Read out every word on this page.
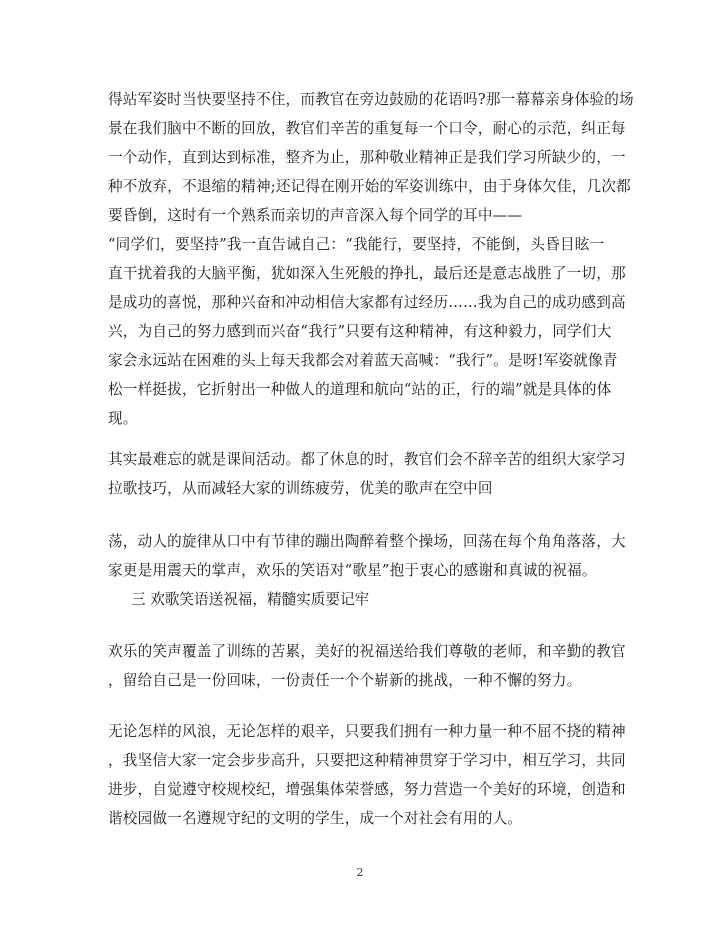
得站军姿时当快要坚持不住，而教官在旁边鼓励的花语吗?那一幕幕亲身体验的场
景在我们脑中不断的回放，教官们辛苦的重复每一个口令，耐心的示范，纠正每
一个动作，直到达到标准，整齐为止，那种敬业精神正是我们学习所缺少的，一
种不放弃，不退缩的精神;还记得在刚开始的军姿训练中，由于身体欠佳，几次都
要昏倒，这时有一个熟系而亲切的声音深入每个同学的耳中——
“同学们，要坚持”我一直告诫自己：“我能行，要坚持，不能倒，头昏目眩一
直干扰着我的大脑平衡，犹如深入生死般的挣扎，最后还是意志战胜了一切，那
是成功的喜悦，那种兴奋和冲动相信大家都有过经历……我为自己的成功感到高
兴，为自己的努力感到而兴奋“我行”只要有这种精神，有这种毅力，同学们大
家会永远站在困难的头上每天我都会对着蓝天高喊：“我行”。是呀!军姿就像青
松一样挺拔，它折射出一种做人的道理和航向“站的正，行的端”就是具体的体
现。
其实最难忘的就是课间活动。都了休息的时，教官们会不辞辛苦的组织大家学习
拉歌技巧，从而减轻大家的训练疲劳，优美的歌声在空中回
荡，动人的旋律从口中有节律的蹦出陶醉着整个操场，回荡在每个角角落落，大
家更是用震天的掌声，欢乐的笑语对“歌星”抱于衷心的感谢和真诚的祝福。
三 欢歌笑语送祝福，精髓实质要记牢
欢乐的笑声覆盖了训练的苦累，美好的祝福送给我们尊敬的老师，和辛勤的教官
，留给自己是一份回味，一份责任一个个崭新的挑战，一种不懈的努力。
无论怎样的风浪，无论怎样的艰辛，只要我们拥有一种力量一种不屈不挠的精神
，我坚信大家一定会步步高升，只要把这种精神贯穿于学习中，相互学习，共同
进步，自觉遵守校规校纪，增强集体荣誉感，努力营造一个美好的环境，创造和
谐校园做一名遵规守纪的文明的学生，成一个对社会有用的人。
2
